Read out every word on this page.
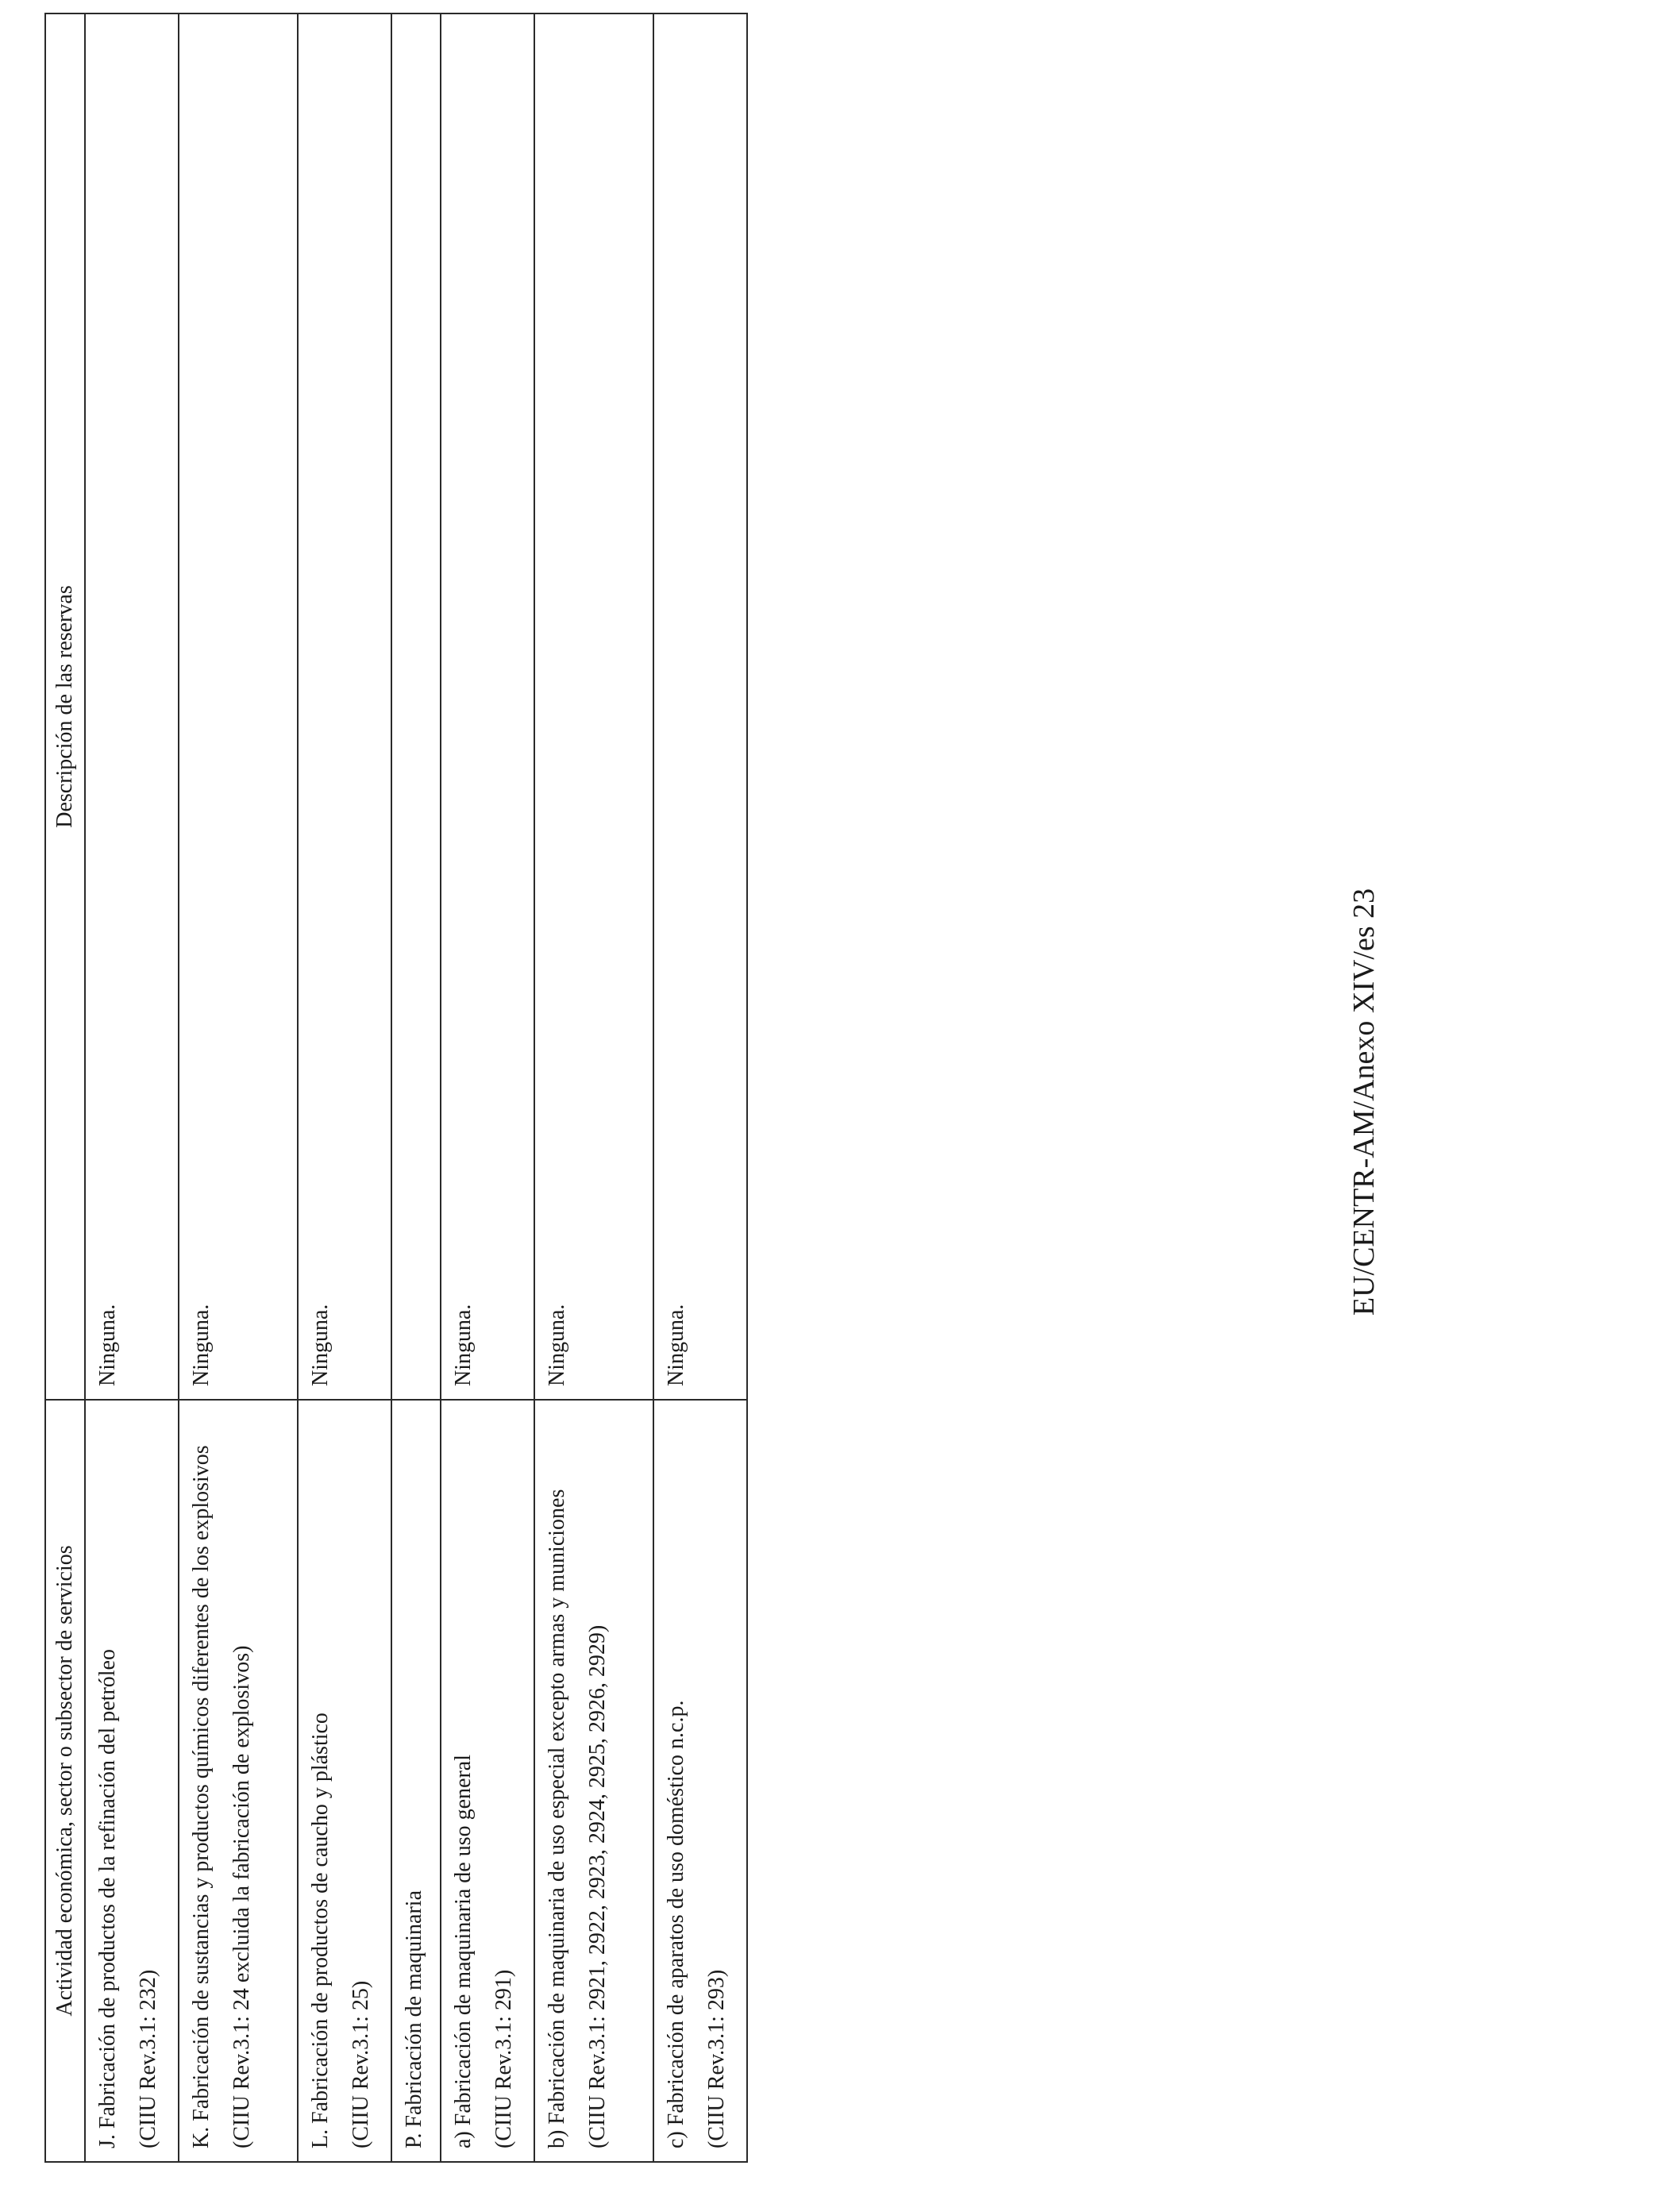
Actividad económica, sector o subsector de servicios	Descripción de las reservas

J. Fabricación de productos de la refinación del petróleo (CIIU Rev.3.1: 232)	Ninguna.

K. Fabricación de sustancias y productos químicos diferentes de los explosivos (CIIU Rev.3.1: 24 excluida la fabricación de explosivos)	Ninguna.

L. Fabricación de productos de caucho y plástico (CIIU Rev.3.1: 25)	Ninguna.
P. Fabricación de maquinaria	

a) Fabricación de maquinaria de uso general (CIIU Rev.3.1: 291)	Ninguna.

b) Fabricación de maquinaria de uso especial excepto armas y municiones (CIIU Rev.3.1: 2921, 2922, 2923, 2924, 2925, 2926, 2929)	Ninguna.

c) Fabricación de aparatos de uso doméstico n.c.p. (CIIU Rev.3.1: 293)	Ninguna.
EU/CENTR-AM/Anexo XIV/es 23
